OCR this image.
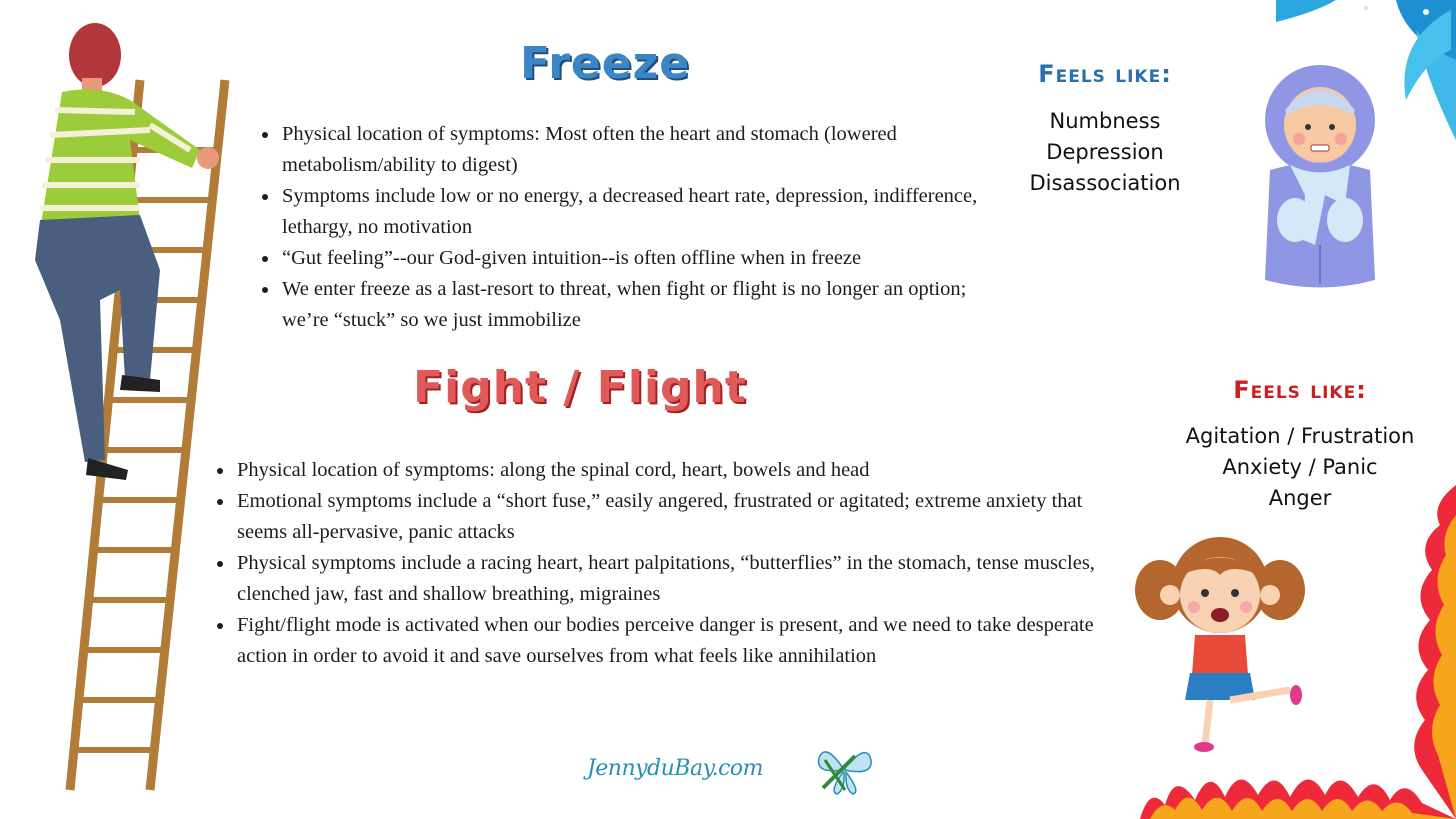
Freeze
• Physical location of symptoms: Most often the heart and stomach (lowered metabolism/ability to digest)
• Symptoms include low or no energy, a decreased heart rate, depression, indifference, lethargy, no motivation
• “Gut feeling”--our God-given intuition--is often offline when in freeze
• We enter freeze as a last-resort to threat, when fight or flight is no longer an option; we’re “stuck” so we just immobilize
Feels like:
Numbness
Depression
Disassociation
Fight / Flight
• Physical location of symptoms: along the spinal cord, heart, bowels and head
• Emotional symptoms include a “short fuse,” easily angered, frustrated or agitated; extreme anxiety that seems all-pervasive, panic attacks
• Physical symptoms include a racing heart, heart palpitations, “butterflies” in the stomach, tense muscles, clenched jaw, fast and shallow breathing, migraines
• Fight/flight mode is activated when our bodies perceive danger is present, and we need to take desperate action in order to avoid it and save ourselves from what feels like annihilation
Feels like:
Agitation / Frustration
Anxiety / Panic
Anger
JennyduBay.com
